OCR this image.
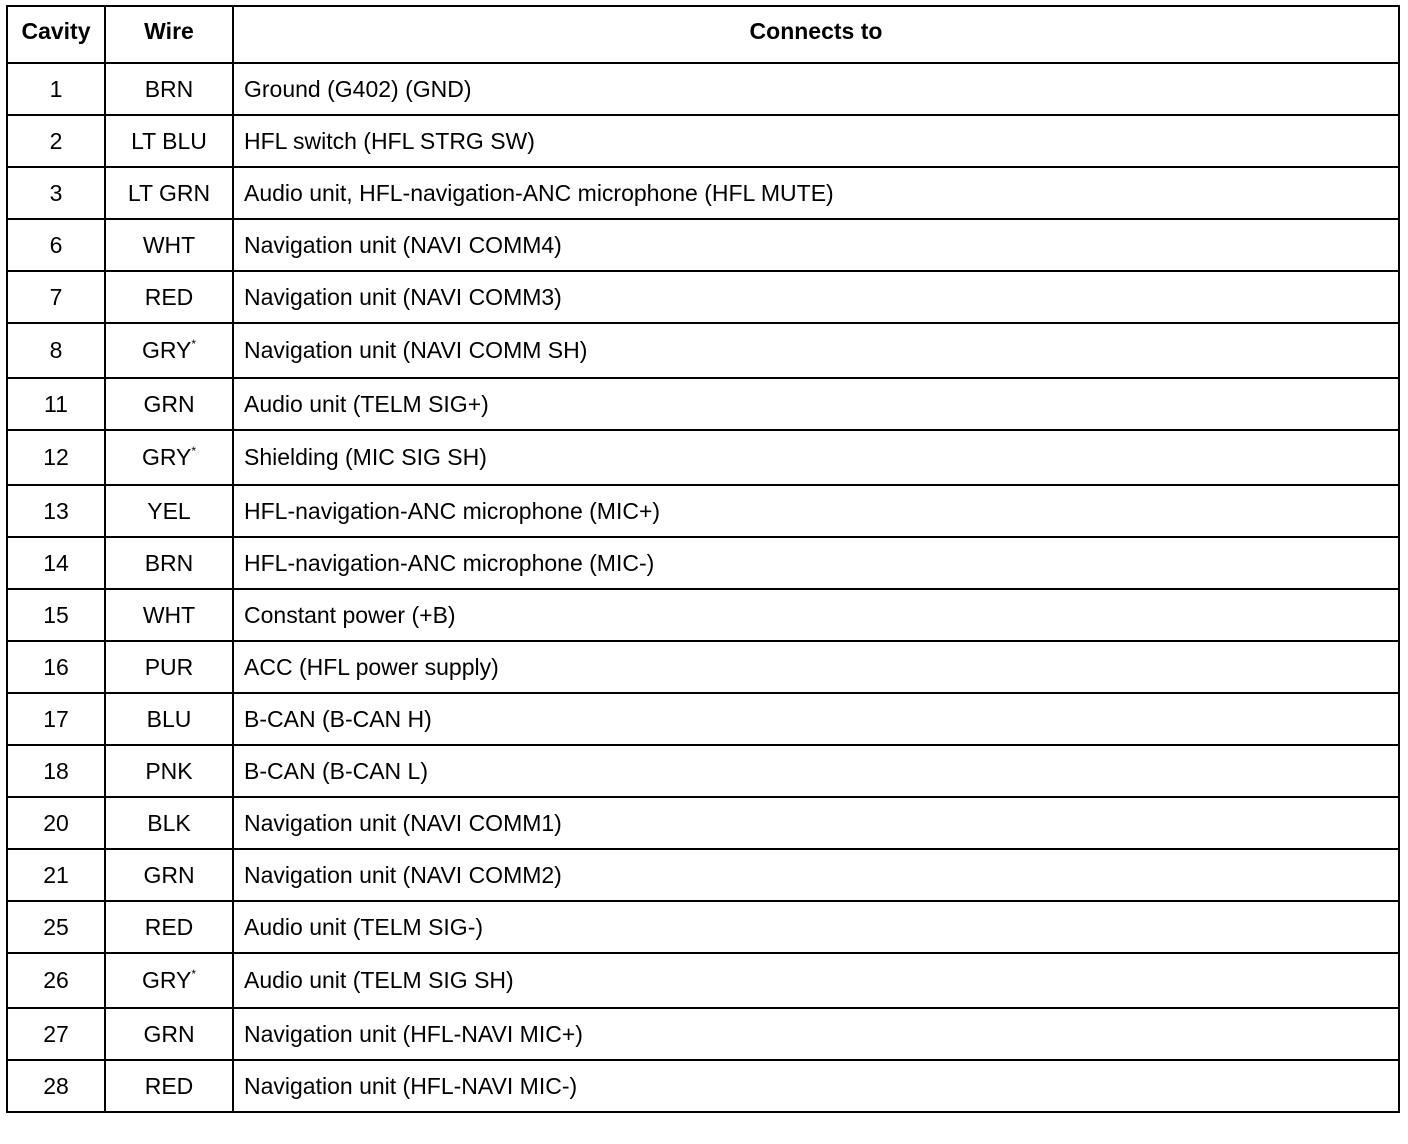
Cavity	Wire	Connects to
1	BRN	Ground (G402) (GND)
2	LT BLU	HFL switch (HFL STRG SW)
3	LT GRN	Audio unit, HFL-navigation-ANC microphone (HFL MUTE)
6	WHT	Navigation unit (NAVI COMM4)
7	RED	Navigation unit (NAVI COMM3)
8	GRY*	Navigation unit (NAVI COMM SH)
11	GRN	Audio unit (TELM SIG+)
12	GRY*	Shielding (MIC SIG SH)
13	YEL	HFL-navigation-ANC microphone (MIC+)
14	BRN	HFL-navigation-ANC microphone (MIC-)
15	WHT	Constant power (+B)
16	PUR	ACC (HFL power supply)
17	BLU	B-CAN (B-CAN H)
18	PNK	B-CAN (B-CAN L)
20	BLK	Navigation unit (NAVI COMM1)
21	GRN	Navigation unit (NAVI COMM2)
25	RED	Audio unit (TELM SIG-)
26	GRY*	Audio unit (TELM SIG SH)
27	GRN	Navigation unit (HFL-NAVI MIC+)
28	RED	Navigation unit (HFL-NAVI MIC-)
